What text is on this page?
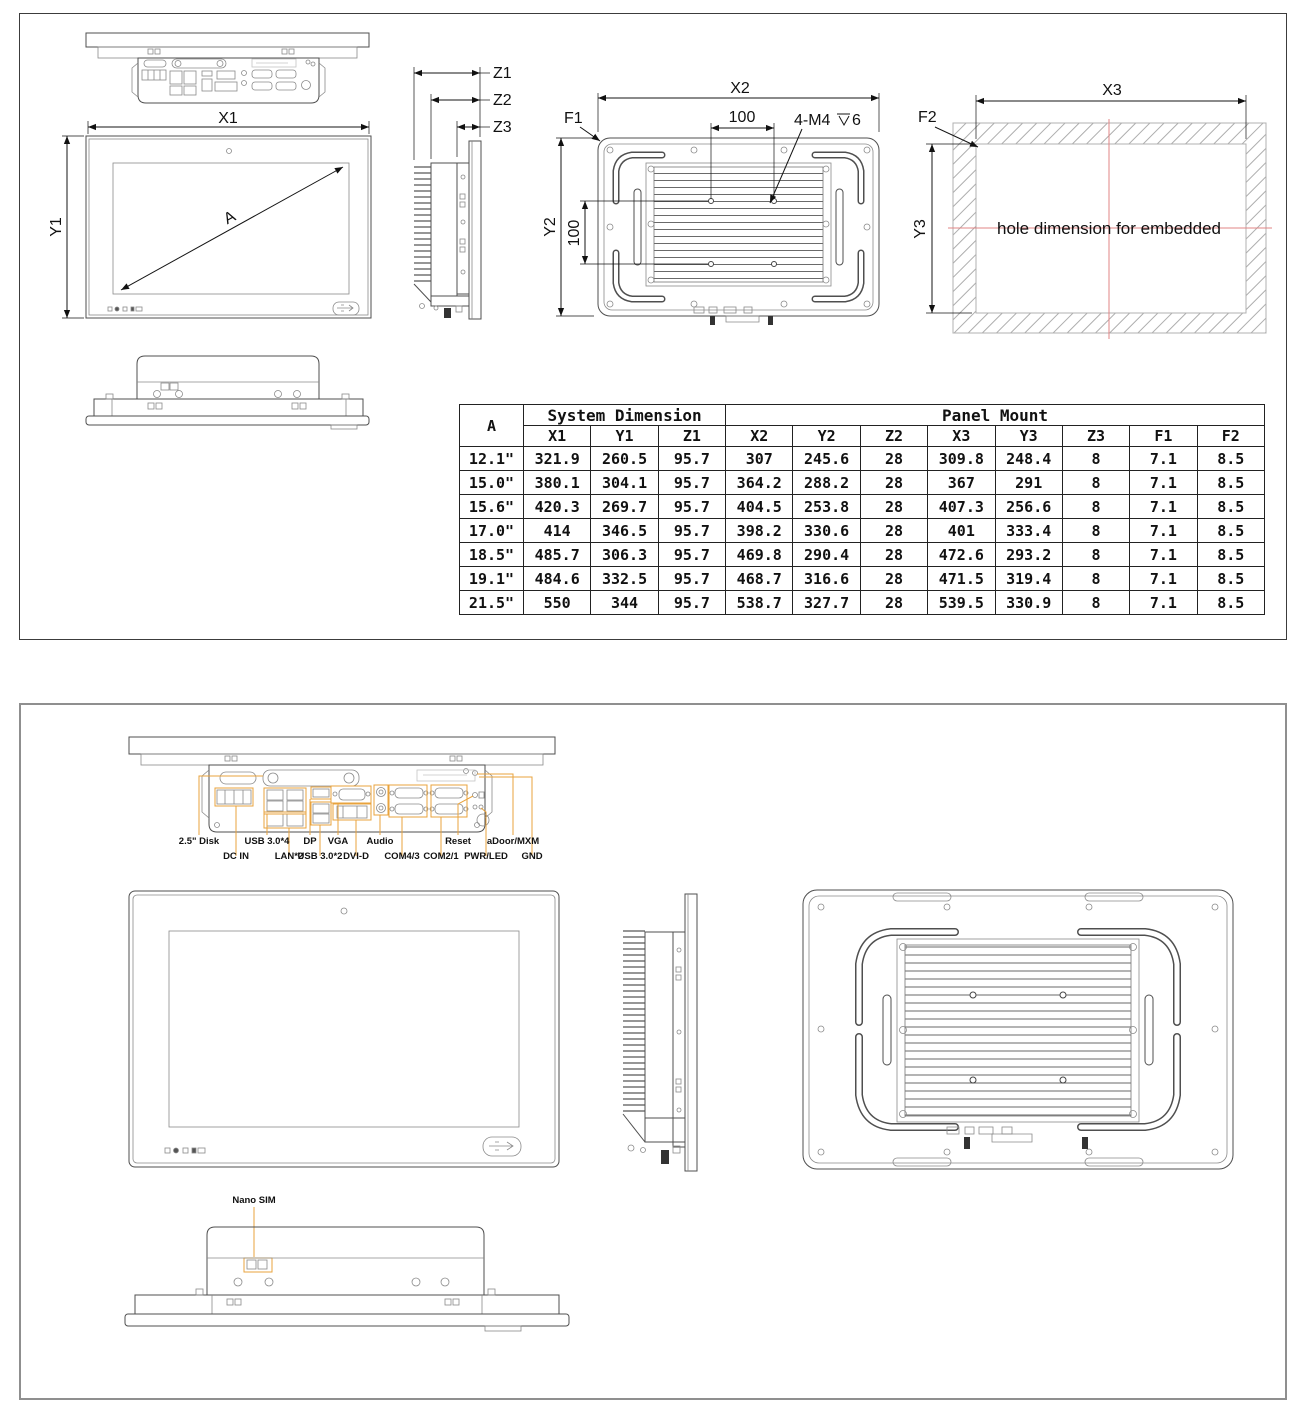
X1
Y1	A
Z1
Z2
Z3
X2
100 4-M4 6
F1
Y2 100
X3
Y3
F2
hole dimension for embedded
A	System Dimension			Panel Mount							
	X1	Y1	Z1	X2	Y2	Z2	X3	Y3	Z3	F1	F2
12.1"	321.9	260.5	95.7	307	245.6	28	309.8	248.4	8	7.1	8.5
15.0"	380.1	304.1	95.7	364.2	288.2	28	367	291	8	7.1	8.5
15.6"	420.3	269.7	95.7	404.5	253.8	28	407.3	256.6	8	7.1	8.5
17.0"	414	346.5	95.7	398.2	330.6	28	401	333.4	8	7.1	8.5
18.5"	485.7	306.3	95.7	469.8	290.4	28	472.6	293.2	8	7.1	8.5
19.1"	484.6	332.5	95.7	468.7	316.6	28	471.5	319.4	8	7.1	8.5
21.5"	550	344	95.7	538.7	327.7	28	539.5	330.9	8	7.1	8.5
2.5" Disk	USB 3.0*4 DP VGA Audio	Reset aDoor/MXM
DC IN	LAN*2
USB 3.0*2 DVI-D COM4/3 COM2/1 PWR/LED GND
Nano SIM
